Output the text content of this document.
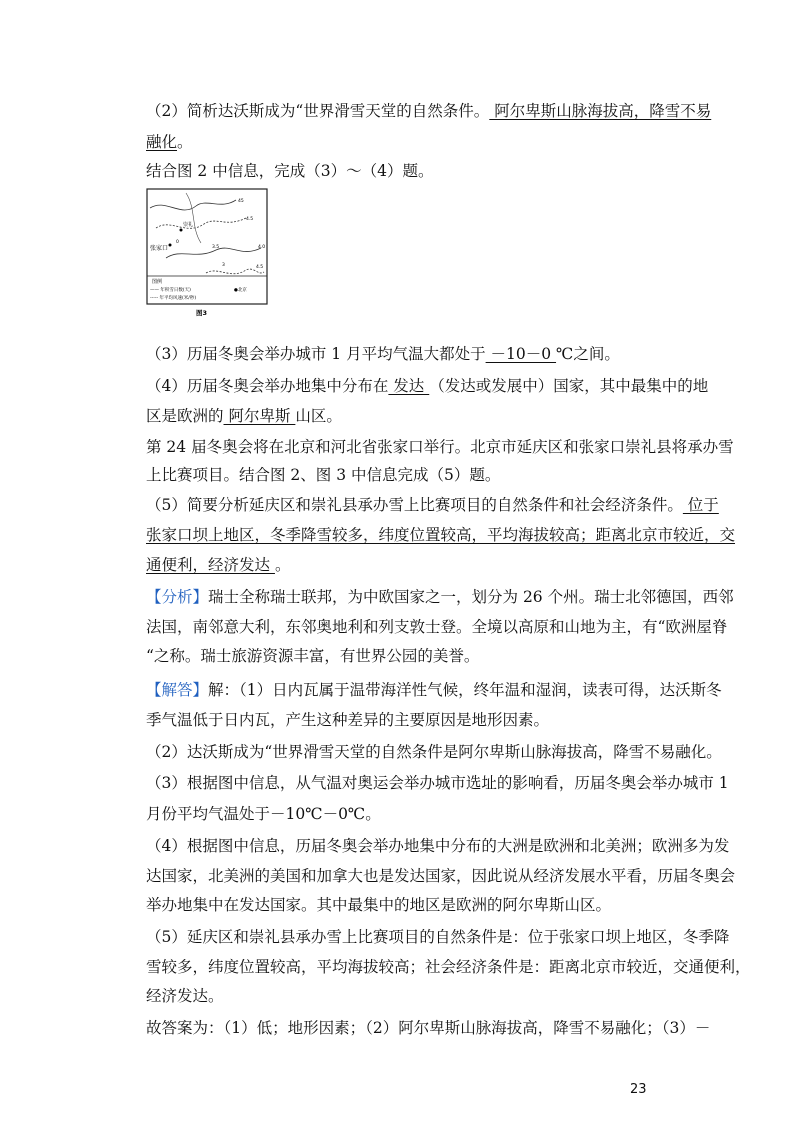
（2）简析达沃斯成为“世界滑雪天堂的自然条件。 阿尔卑斯山脉海拔高，降雪不易
融化。
结合图 2 中信息，完成（3）～（4）题。
崇礼
张家口
45
4.5
3.5	4.0
0
3	4.5
图例
—— 年积雪日数(天)
----- 年平均风速(米/秒)
●北京
图3
（3）历届冬奥会举办城市 1 月平均气温大都处于 －10－0 ℃之间。
（4）历届冬奥会举办地集中分布在 发达 （发达或发展中）国家，其中最集中的地
区是欧洲的 阿尔卑斯 山区。
第 24 届冬奥会将在北京和河北省张家口举行。北京市延庆区和张家口崇礼县将承办雪
上比赛项目。结合图 2、图 3 中信息完成（5）题。
（5）简要分析延庆区和崇礼县承办雪上比赛项目的自然条件和社会经济条件。 位于
张家口坝上地区，冬季降雪较多，纬度位置较高，平均海拔较高；距离北京市较近，交
通便利，经济发达 。
【分析】瑞士全称瑞士联邦，为中欧国家之一，划分为 26 个州。瑞士北邻德国，西邻
法国，南邻意大利，东邻奥地利和列支敦士登。全境以高原和山地为主，有“欧洲屋脊
“之称。瑞士旅游资源丰富，有世界公园的美誉。
【解答】解：（1）日内瓦属于温带海洋性气候，终年温和湿润，读表可得，达沃斯冬
季气温低于日内瓦，产生这种差异的主要原因是地形因素。
（2）达沃斯成为“世界滑雪天堂的自然条件是阿尔卑斯山脉海拔高，降雪不易融化。
（3）根据图中信息，从气温对奥运会举办城市选址的影响看，历届冬奥会举办城市 1
月份平均气温处于－10℃－0℃。
（4）根据图中信息，历届冬奥会举办地集中分布的大洲是欧洲和北美洲；欧洲多为发
达国家，北美洲的美国和加拿大也是发达国家，因此说从经济发展水平看，历届冬奥会
举办地集中在发达国家。其中最集中的地区是欧洲的阿尔卑斯山区。
（5）延庆区和崇礼县承办雪上比赛项目的自然条件是：位于张家口坝上地区，冬季降
雪较多，纬度位置较高，平均海拔较高；社会经济条件是：距离北京市较近，交通便利，
经济发达。
故答案为：（1）低；地形因素；（2）阿尔卑斯山脉海拔高，降雪不易融化；（3）－
23
